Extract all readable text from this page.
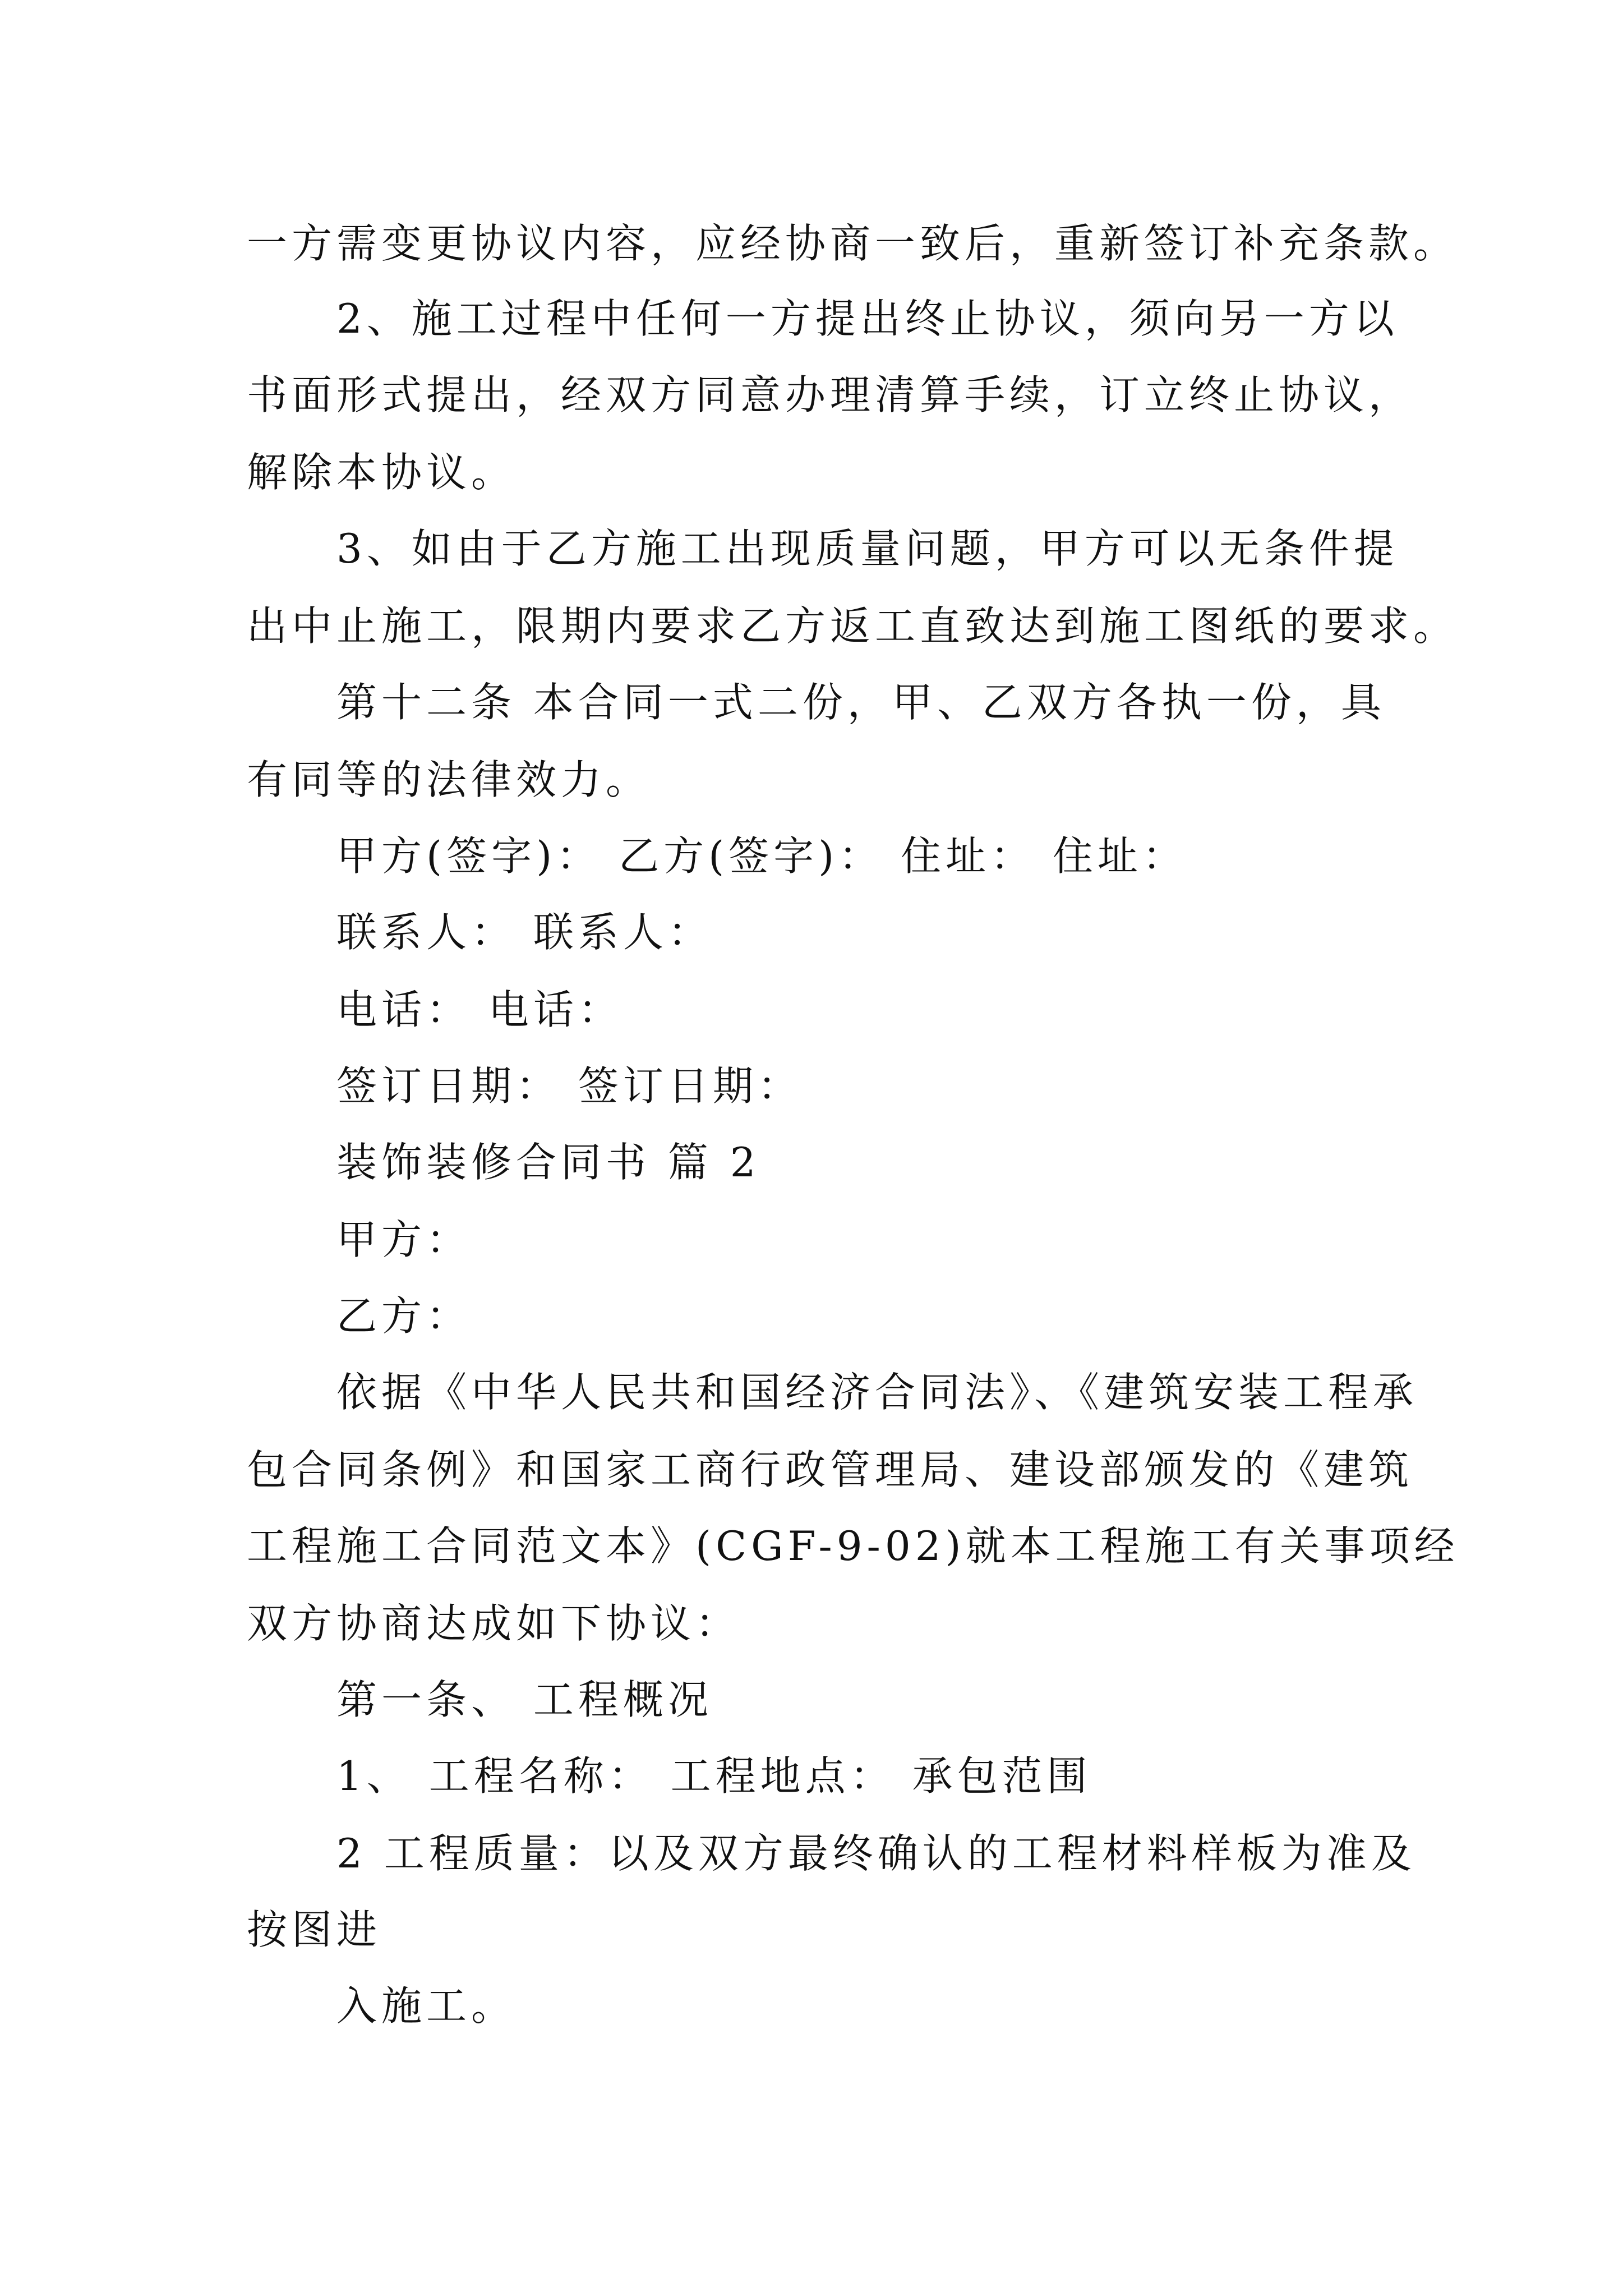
一方需变更协议内容，应经协商一致后，重新签订补充条款。
2、施工过程中任何一方提出终止协议，须向另一方以
书面形式提出，经双方同意办理清算手续，订立终止协议，
解除本协议。
3、如由于乙方施工出现质量问题，甲方可以无条件提
出中止施工，限期内要求乙方返工直致达到施工图纸的要求。
第十二条 本合同一式二份，甲、乙双方各执一份，具
有同等的法律效力。
甲方(签字)： 乙方(签字)： 住址： 住址：
联系人： 联系人：
电话： 电话：
签订日期： 签订日期：
装饰装修合同书 篇 2
甲方：
乙方：
依据《中华人民共和国经济合同法》、《建筑安装工程承
包合同条例》和国家工商行政管理局、建设部颁发的《建筑
工程施工合同范文本》(CGF-9-02)就本工程施工有关事项经
双方协商达成如下协议：
第一条、 工程概况
1、 工程名称： 工程地点： 承包范围
2 工程质量：以及双方最终确认的工程材料样板为准及
按图进
入施工。
